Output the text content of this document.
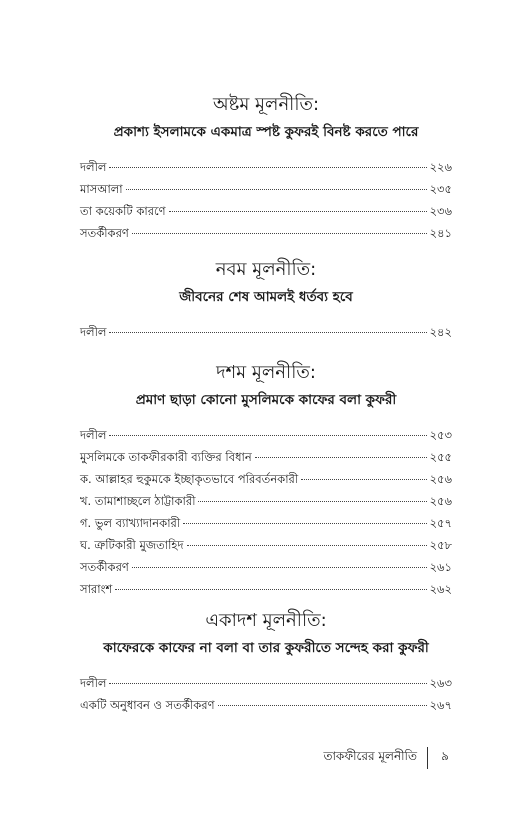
অষ্টম মূলনীতি:
প্রকাশ্য ইসলামকে একমাত্র স্পষ্ট কুফরই বিনষ্ট করতে পারে
দলীল	২২৬
মাসআলা	২৩৫
তা কয়েকটি কারণে	২৩৬
সতর্কীকরণ	২৪১
নবম মূলনীতি:
জীবনের শেষ আমলই ধর্তব্য হবে
দলীল	২৪২
দশম মূলনীতি:
প্রমাণ ছাড়া কোনো মুসলিমকে কাফের বলা কুফরী
দলীল	২৫৩
মুসলিমকে তাকফীরকারী ব্যক্তির বিধান	২৫৫
ক. আল্লাহর হুকুমকে ইচ্ছাকৃতভাবে পরিবর্তনকারী	২৫৬
খ. তামাশাচ্ছলে ঠাট্টাকারী	২৫৬
গ. ভুল ব্যাখ্যাদানকারী	২৫৭
ঘ. ত্রুটিকারী মুজতাহিদ	২৫৮
সতর্কীকরণ	২৬১
সারাংশ	২৬২
একাদশ মূলনীতি:
কাফেরকে কাফের না বলা বা তার কুফরীতে সন্দেহ করা কুফরী
দলীল	২৬৩
একটি অনুধাবন ও সতর্কীকরণ	২৬৭
তাকফীরের মূলনীতি ৯
